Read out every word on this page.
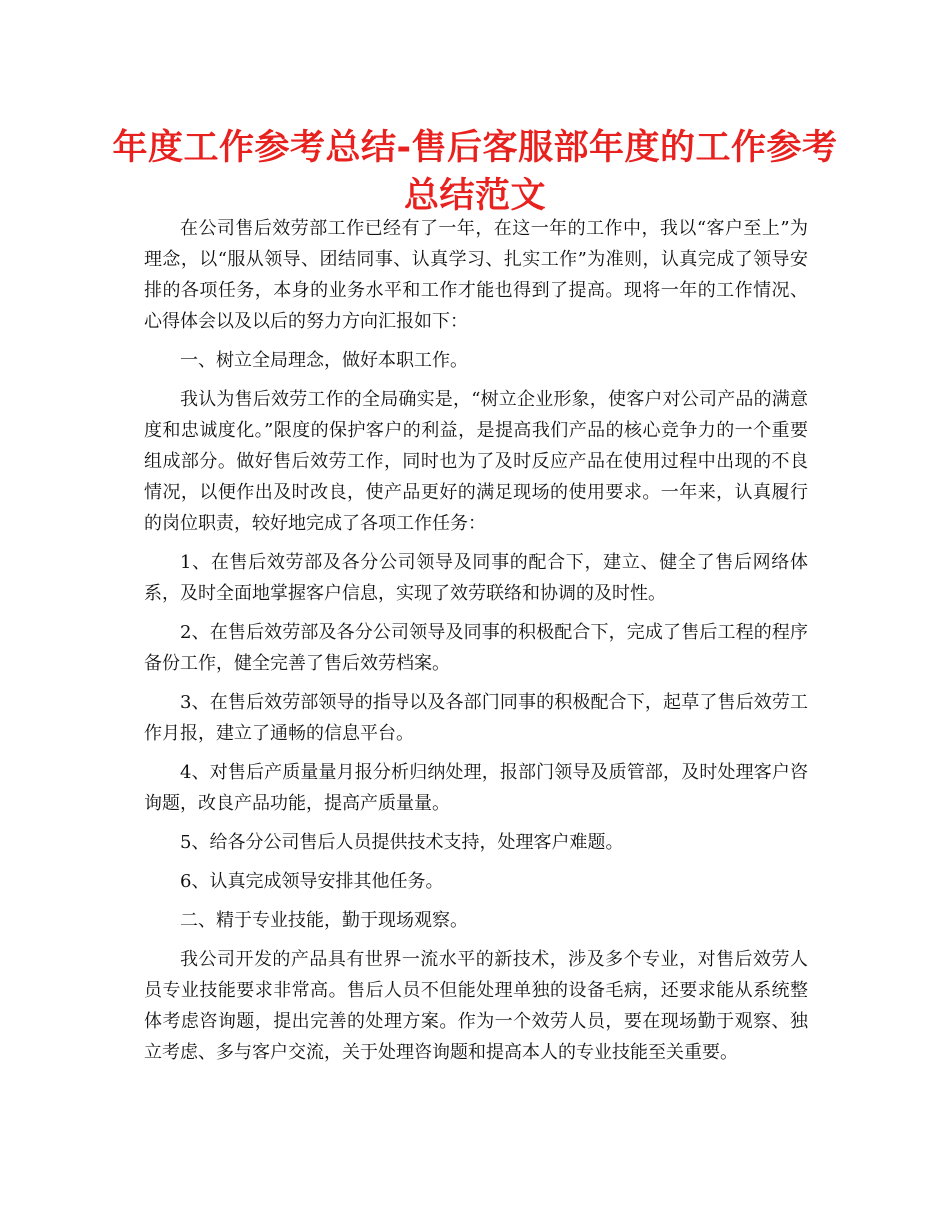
年度工作参考总结-售后客服部年度的工作参考总结范文

在公司售后效劳部工作已经有了一年，在这一年的工作中，我以“客户至上”为理念，以“服从领导、团结同事、认真学习、扎实工作”为准则，认真完成了领导安排的各项任务，本身的业务水平和工作才能也得到了提高。现将一年的工作情况、心得体会以及以后的努力方向汇报如下：

一、树立全局理念，做好本职工作。

我认为售后效劳工作的全局确实是，“树立企业形象，使客户对公司产品的满意度和忠诚度化。”限度的保护客户的利益，是提高我们产品的核心竞争力的一个重要组成部分。做好售后效劳工作，同时也为了及时反应产品在使用过程中出现的不良情况，以便作出及时改良，使产品更好的满足现场的使用要求。一年来，认真履行的岗位职责，较好地完成了各项工作任务：

1、在售后效劳部及各分公司领导及同事的配合下，建立、健全了售后网络体系，及时全面地掌握客户信息，实现了效劳联络和协调的及时性。

2、在售后效劳部及各分公司领导及同事的积极配合下，完成了售后工程的程序备份工作，健全完善了售后效劳档案。

3、在售后效劳部领导的指导以及各部门同事的积极配合下，起草了售后效劳工作月报，建立了通畅的信息平台。

4、对售后产质量量月报分析归纳处理，报部门领导及质管部，及时处理客户咨询题，改良产品功能，提高产质量量。

5、给各分公司售后人员提供技术支持，处理客户难题。

6、认真完成领导安排其他任务。

二、精于专业技能，勤于现场观察。

我公司开发的产品具有世界一流水平的新技术，涉及多个专业，对售后效劳人员专业技能要求非常高。售后人员不但能处理单独的设备毛病，还要求能从系统整体考虑咨询题，提出完善的处理方案。作为一个效劳人员，要在现场勤于观察、独立考虑、多与客户交流，关于处理咨询题和提高本人的专业技能至关重要。
